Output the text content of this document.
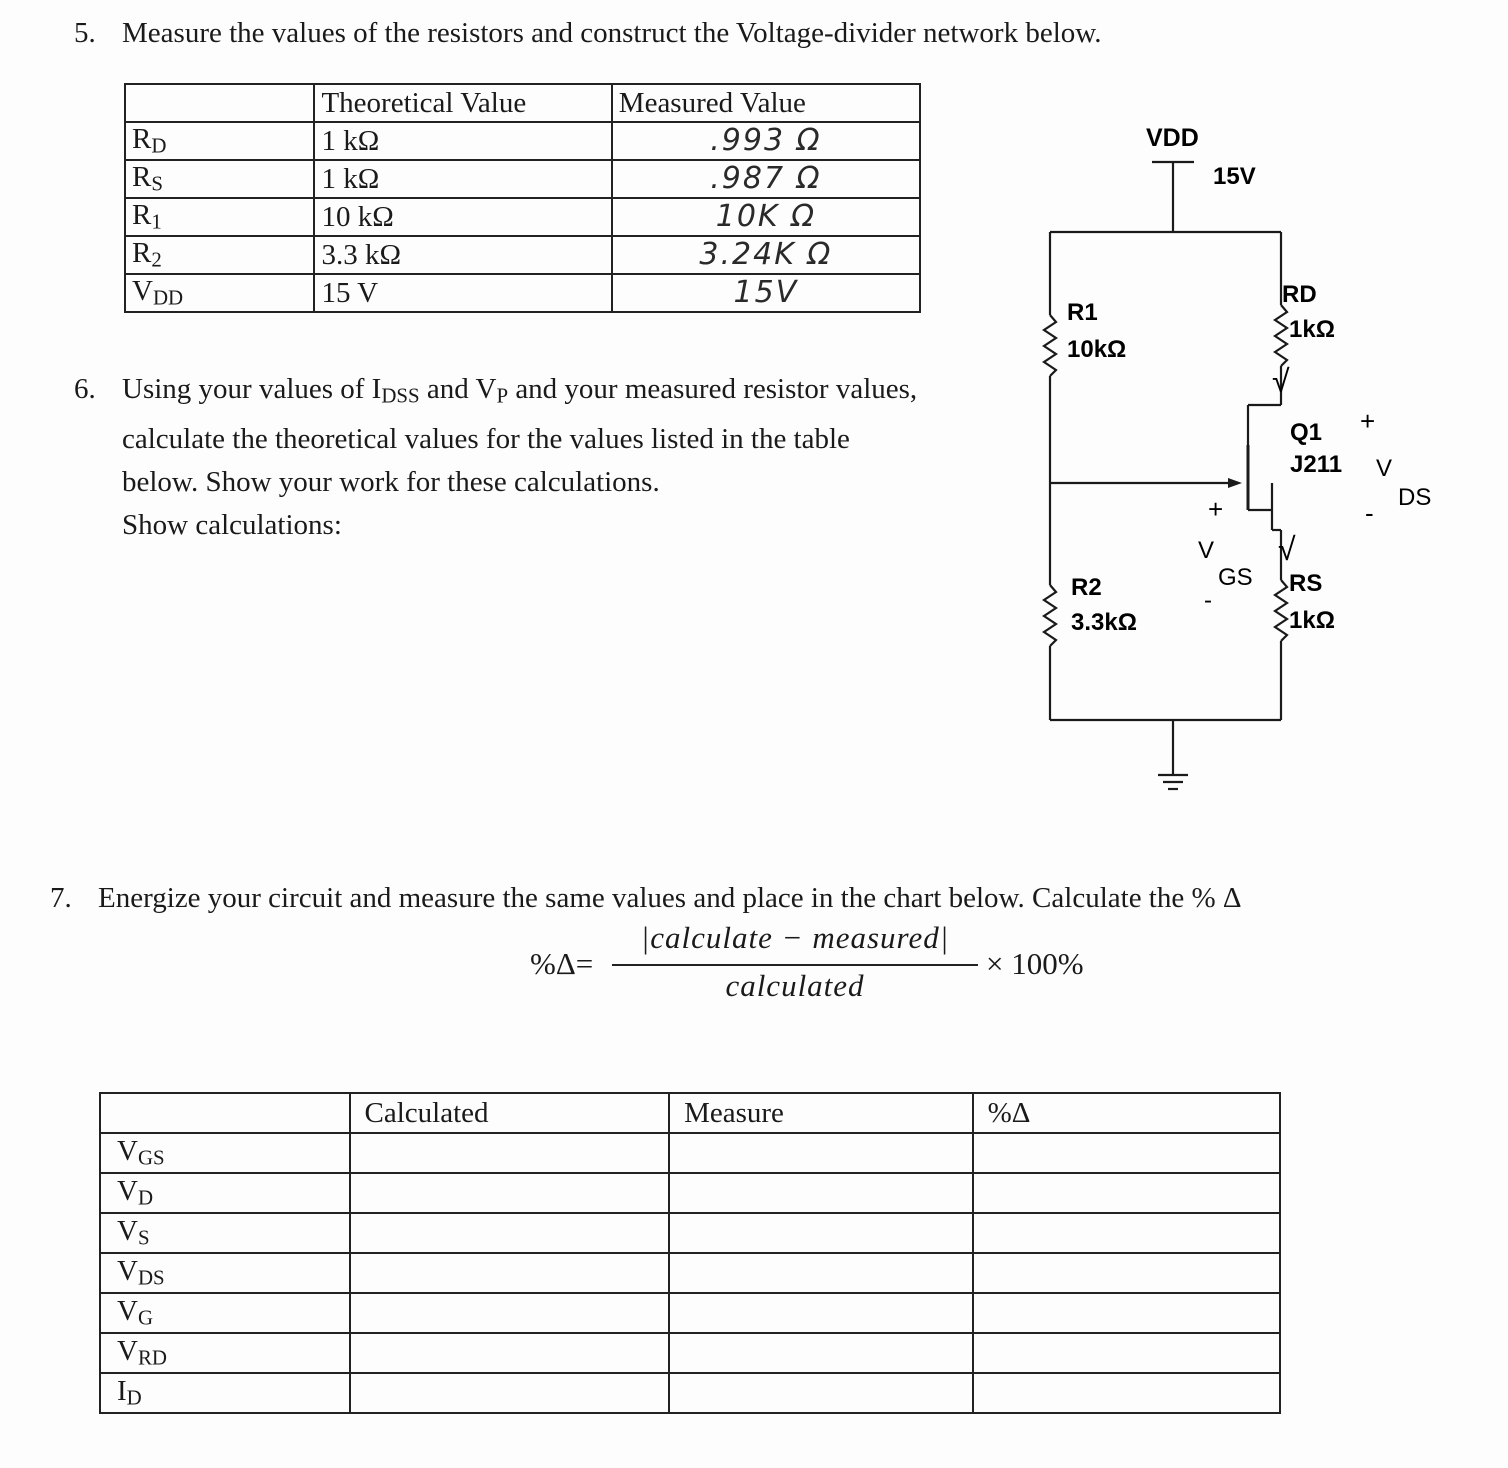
5. Measure the values of the resistors and construct the Voltage-divider network below.
	Theoretical Value	Measured Value
$R_D$	1 kΩ	.993 Ω
$R_S$	1 kΩ	.987 Ω
$R_1$	10 kΩ	10K Ω
$R_2$	3.3 kΩ	3.24K Ω
$V_{DD}$	15 V	15V
6. Using your values of $I_{DSS}$ and $V_P$ and your measured resistor values,
calculate the theoretical values for the values listed in the table
below. Show your work for these calculations.
Show calculations:
VDD
15V
R1
10kΩ
R2
3.3kΩ
RD
1kΩ
RS
1kΩ
Q1
J211
+
V
DS
-
+
V
GS
-
√
√
7. Energize your circuit and measure the same values and place in the chart below. Calculate the % Δ
%Δ=
|calculate − measured|
calculated
× 100%
	Calculated	Measure	%Δ
$V_{GS}$			
$V_D$			
$V_S$			
$V_{DS}$			
$V_G$			
$V_{RD}$			
$I_D$			
